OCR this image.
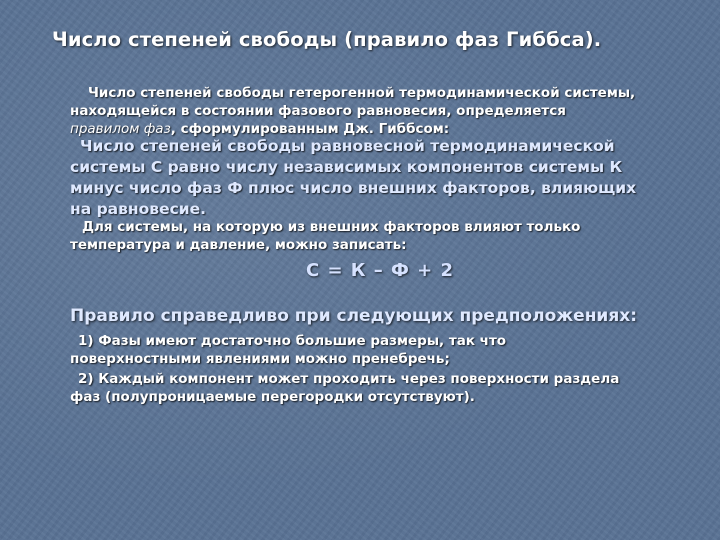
Число степеней свободы (правило фаз Гиббса).
Число степеней свободы гетерогенной термодинамической системы,
находящейся в состоянии фазового равновесия, определяется
правилом фаз, сформулированным Дж. Гиббсом:
Число степеней свободы равновесной термодинамической
системы С равно числу независимых компонентов системы К
минус число фаз Ф плюс число внешних факторов, влияющих
на равновесие.
Для системы, на которую из внешних факторов влияют только
температура и давление, можно записать:
С = К – Ф + 2
Правило справедливо при следующих предположениях:
1) Фазы имеют достаточно большие размеры, так что
поверхностными явлениями можно пренебречь;
2) Каждый компонент может проходить через поверхности раздела
фаз (полупроницаемые перегородки отсутствуют).
